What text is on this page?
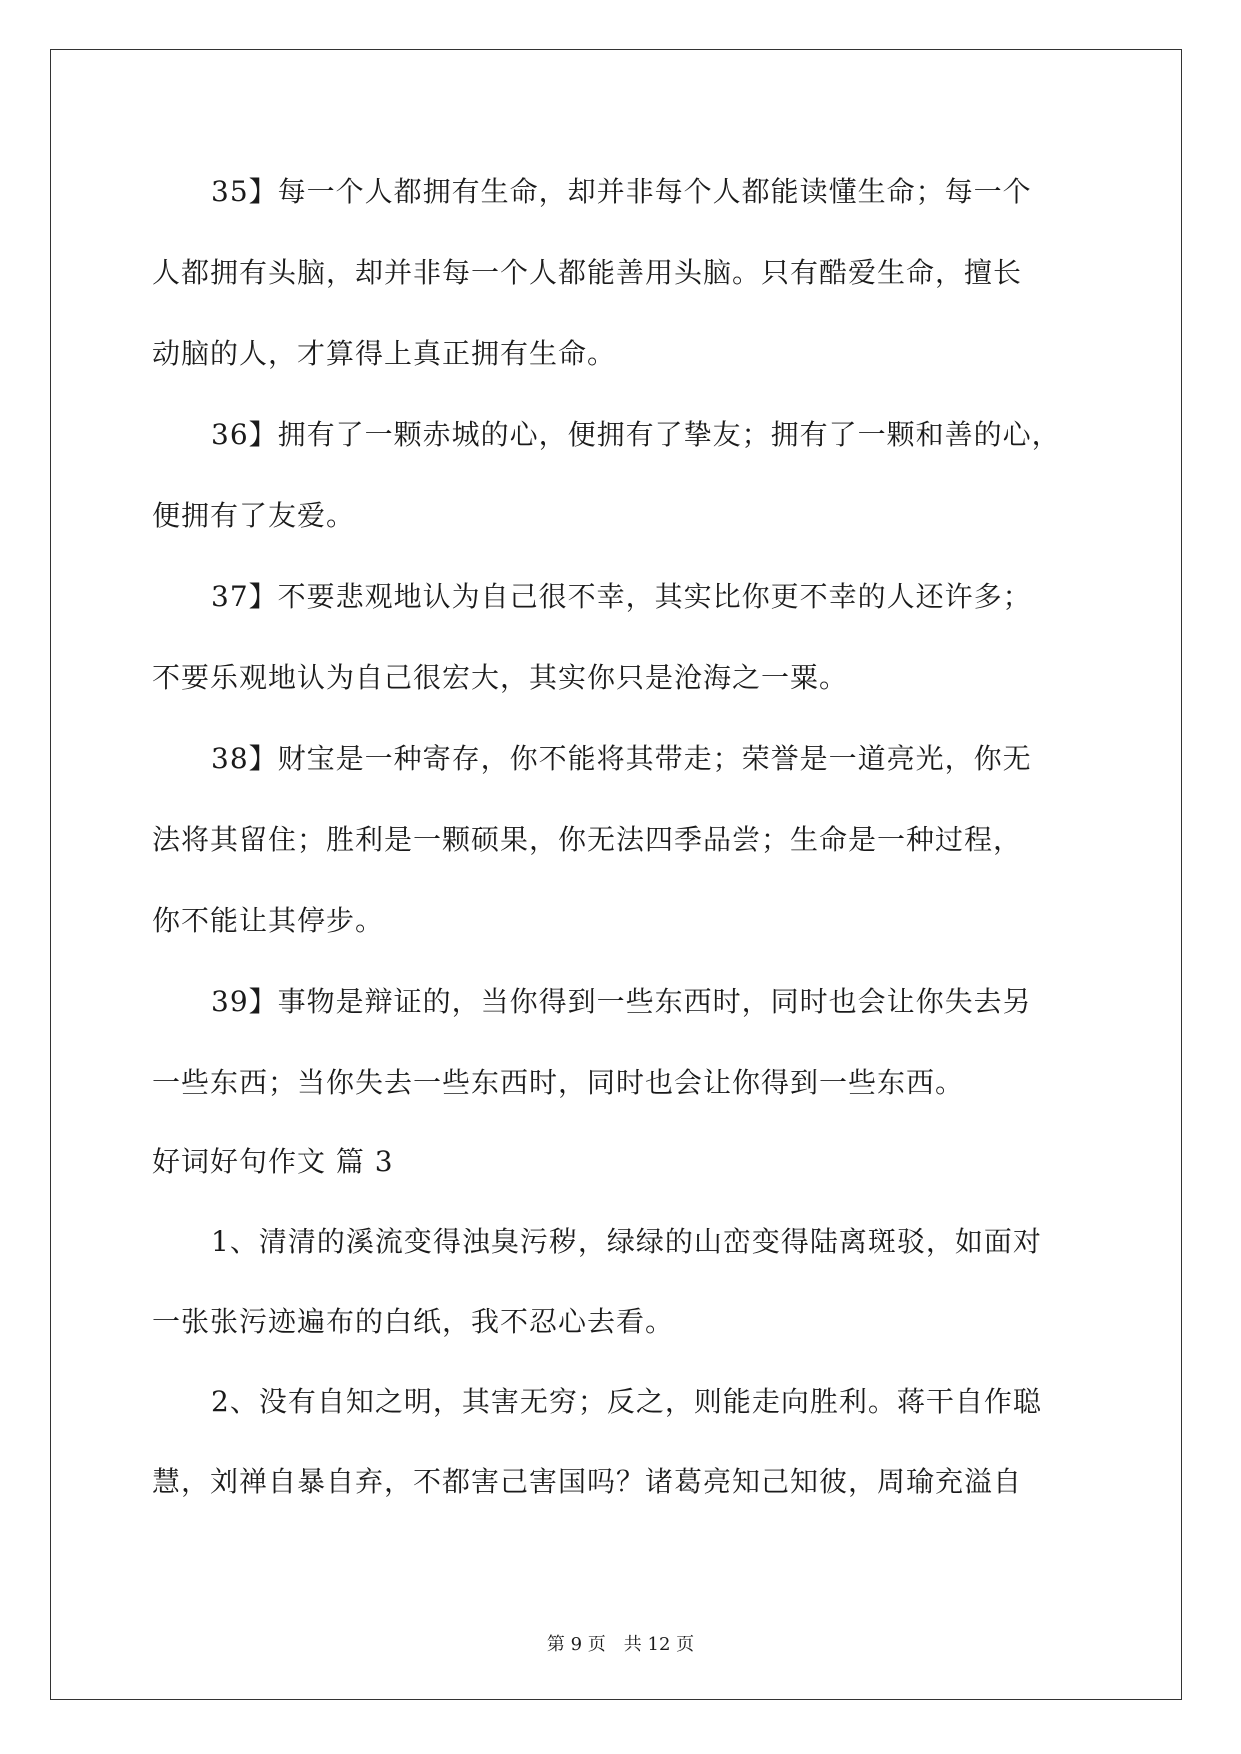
35】每一个人都拥有生命，却并非每个人都能读懂生命；每一个
人都拥有头脑，却并非每一个人都能善用头脑。只有酷爱生命，擅长
动脑的人，才算得上真正拥有生命。
36】拥有了一颗赤城的心，便拥有了挚友；拥有了一颗和善的心，
便拥有了友爱。
37】不要悲观地认为自己很不幸，其实比你更不幸的人还许多；
不要乐观地认为自己很宏大，其实你只是沧海之一粟。
38】财宝是一种寄存，你不能将其带走；荣誉是一道亮光，你无
法将其留住；胜利是一颗硕果，你无法四季品尝；生命是一种过程，
你不能让其停步。
39】事物是辩证的，当你得到一些东西时，同时也会让你失去另
一些东西；当你失去一些东西时，同时也会让你得到一些东西。
好词好句作文 篇 3
1、清清的溪流变得浊臭污秽，绿绿的山峦变得陆离斑驳，如面对
一张张污迹遍布的白纸，我不忍心去看。
2、没有自知之明，其害无穷；反之，则能走向胜利。蒋干自作聪
慧，刘禅自暴自弃，不都害己害国吗？诸葛亮知己知彼，周瑜充溢自
第 9 页　共 12 页
